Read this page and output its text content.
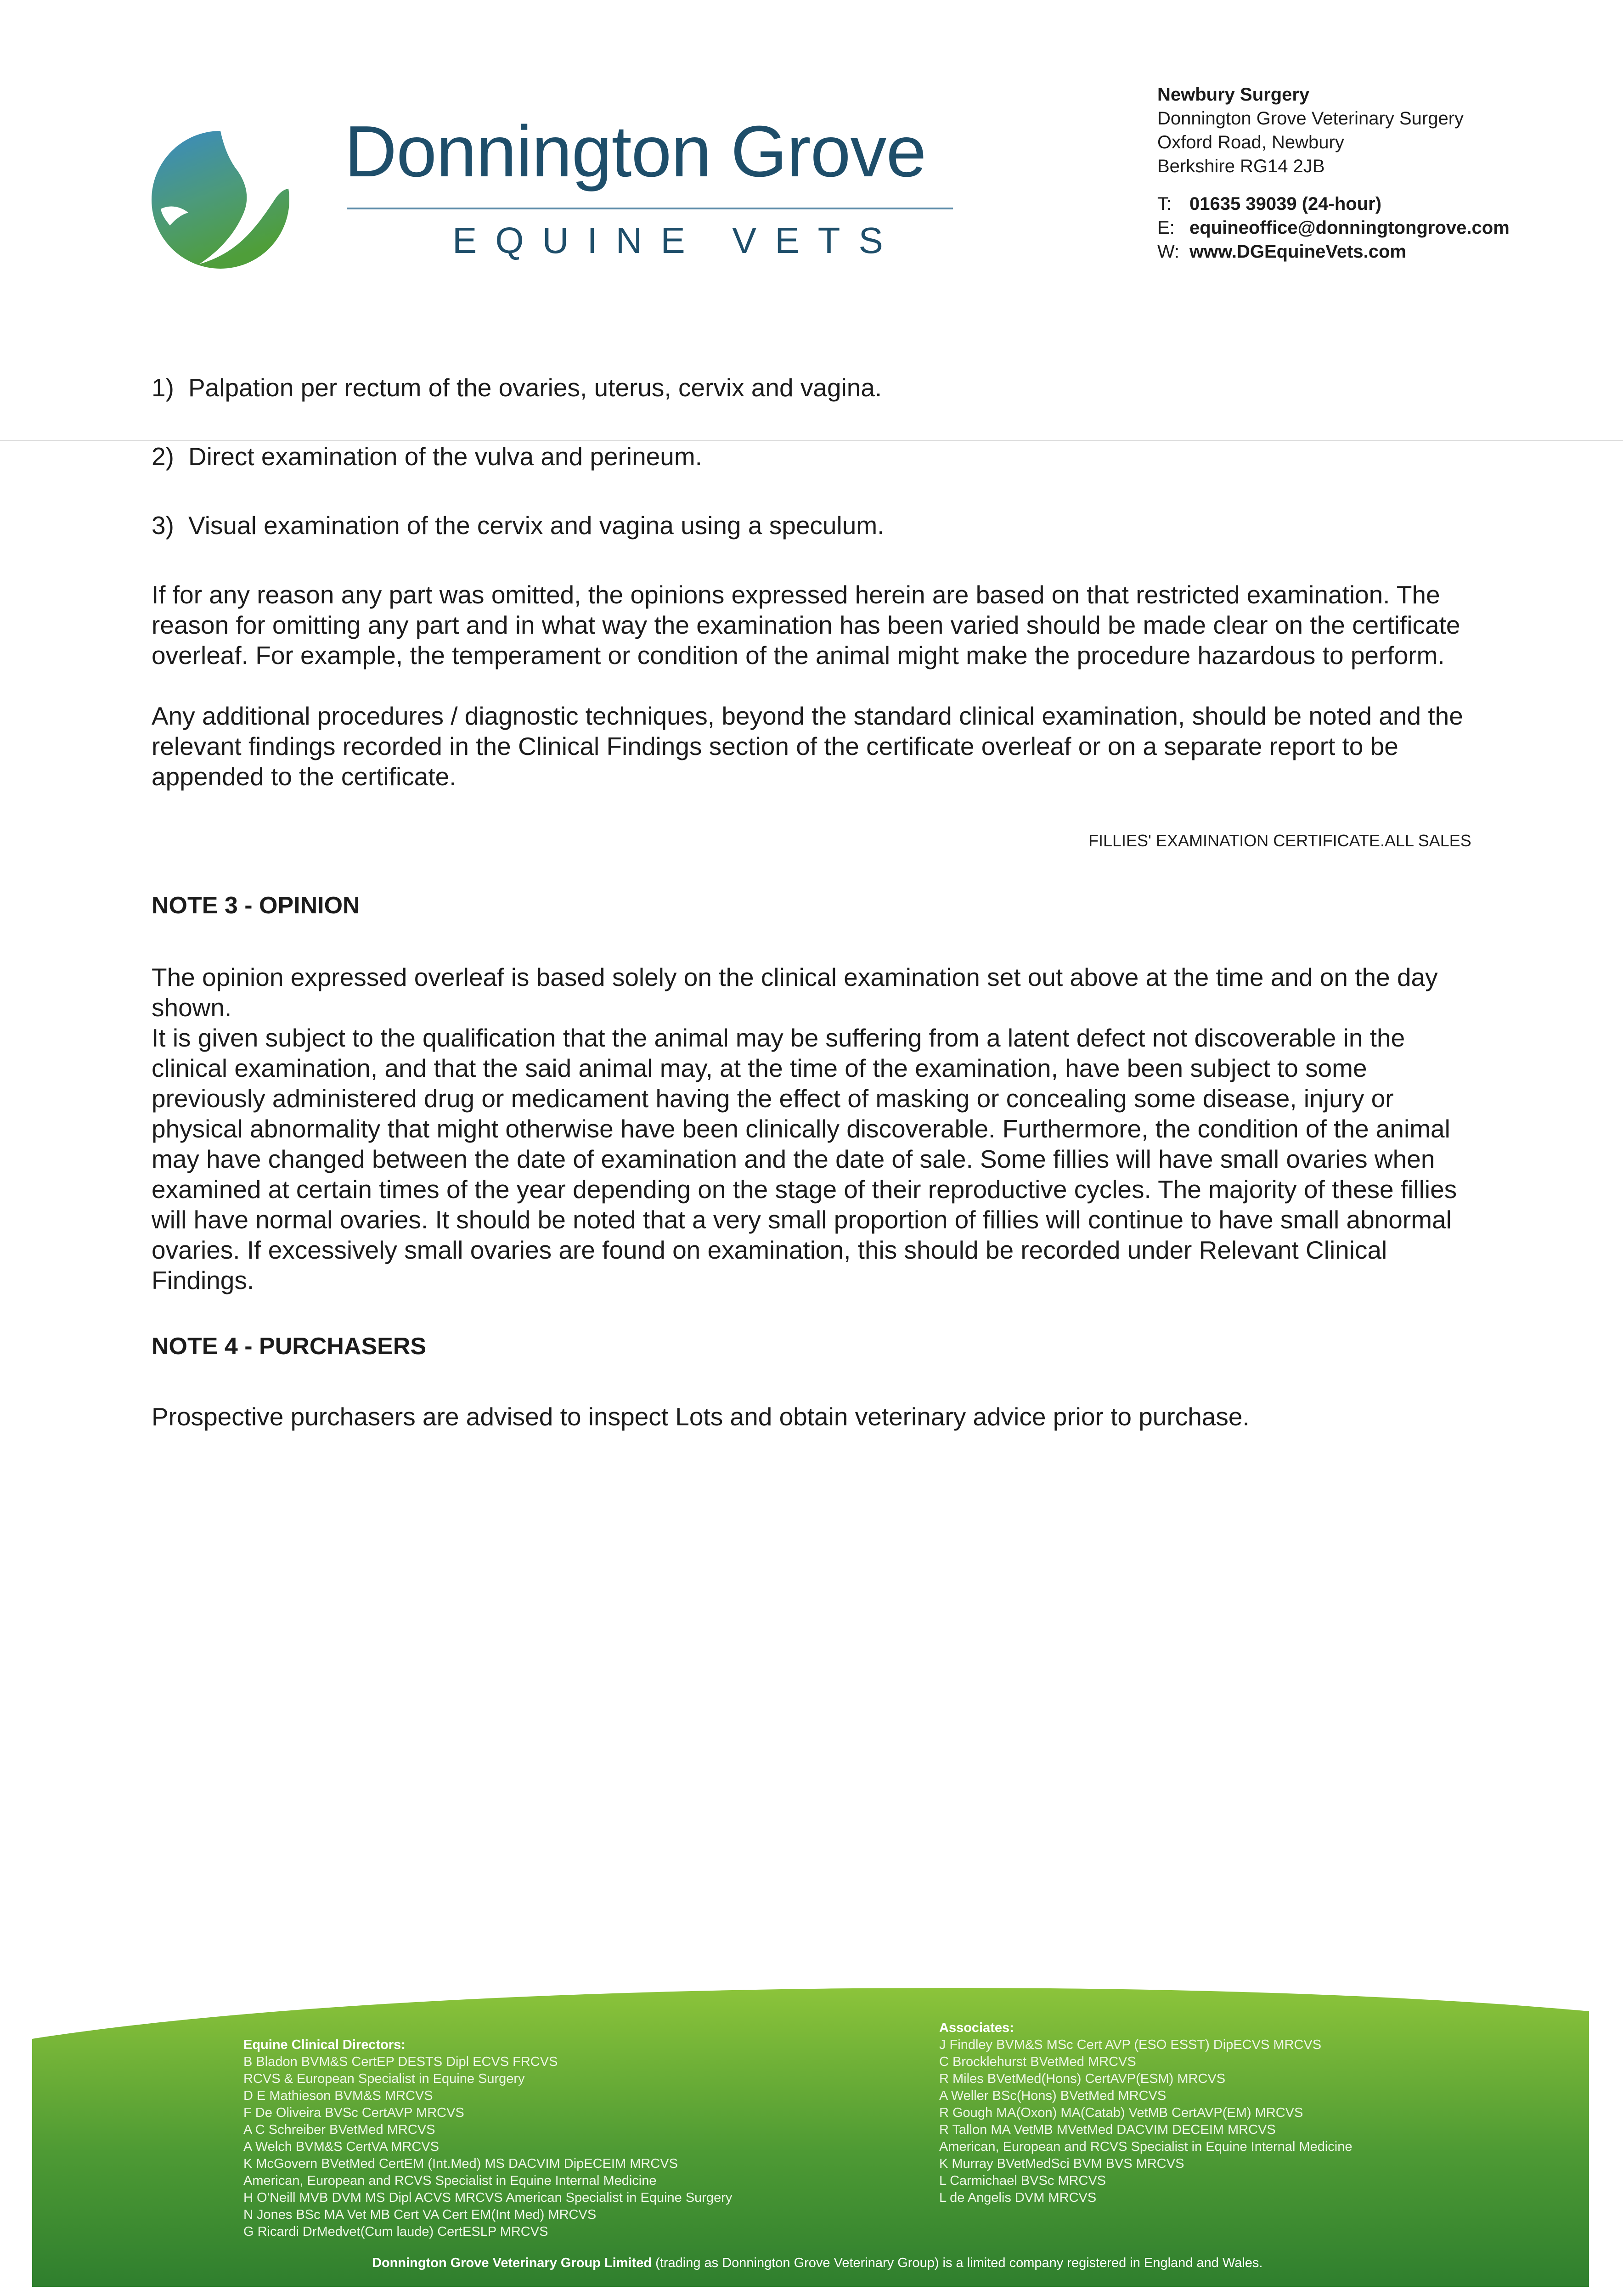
Donnington Grove
EQUINE VETS
Newbury Surgery
Donnington Grove Veterinary Surgery
Oxford Road, Newbury
Berkshire RG14 2JB
T: 01635 39039 (24-hour)
E: equineoffice@donningtongrove.com
W: www.DGEquineVets.com
1) Palpation per rectum of the ovaries, uterus, cervix and vagina.
2) Direct examination of the vulva and perineum.
3) Visual examination of the cervix and vagina using a speculum.

If for any reason any part was omitted, the opinions expressed herein are based on that restricted examination. The reason for omitting any part and in what way the examination has been varied should be made clear on the certificate overleaf. For example, the temperament or condition of the animal might make the procedure hazardous to perform.

Any additional procedures / diagnostic techniques, beyond the standard clinical examination, should be noted and the relevant findings recorded in the Clinical Findings section of the certificate overleaf or on a separate report to be appended to the certificate.

FILLIES' EXAMINATION CERTIFICATE.ALL SALES
NOTE 3 - OPINION

The opinion expressed overleaf is based solely on the clinical examination set out above at the time and on the day shown.

It is given subject to the qualification that the animal may be suffering from a latent defect not discoverable in the clinical examination, and that the said animal may, at the time of the examination, have been subject to some previously administered drug or medicament having the effect of masking or concealing some disease, injury or physical abnormality that might otherwise have been clinically discoverable. Furthermore, the condition of the animal may have changed between the date of examination and the date of sale. Some fillies will have small ovaries when examined at certain times of the year depending on the stage of their reproductive cycles. The majority of these fillies will have normal ovaries. It should be noted that a very small proportion of fillies will continue to have small abnormal ovaries. If excessively small ovaries are found on examination, this should be recorded under Relevant Clinical Findings.

NOTE 4 - PURCHASERS

Prospective purchasers are advised to inspect Lots and obtain veterinary advice prior to purchase.

Equine Clinical Directors:
B Bladon BVM&S CertEP DESTS Dipl ECVS FRCVS
RCVS & European Specialist in Equine Surgery
D E Mathieson BVM&S MRCVS
F De Oliveira BVSc CertAVP MRCVS
A C Schreiber BVetMed MRCVS
A Welch BVM&S CertVA MRCVS
K McGovern BVetMed CertEM (Int.Med) MS DACVIM DipECEIM MRCVS
American, European and RCVS Specialist in Equine Internal Medicine
H O'Neill MVB DVM MS Dipl ACVS MRCVS American Specialist in Equine Surgery
N Jones BSc MA Vet MB Cert VA Cert EM(Int Med) MRCVS
G Ricardi DrMedvet(Cum laude) CertESLP MRCVS
Associates:
J Findley BVM&S MSc Cert AVP (ESO ESST) DipECVS MRCVS
C Brocklehurst BVetMed MRCVS
R Miles BVetMed(Hons) CertAVP(ESM) MRCVS
A Weller BSc(Hons) BVetMed MRCVS
R Gough MA(Oxon) MA(Catab) VetMB CertAVP(EM) MRCVS
R Tallon MA VetMB MVetMed DACVIM DECEIM MRCVS
American, European and RCVS Specialist in Equine Internal Medicine
K Murray BVetMedSci BVM BVS MRCVS
L Carmichael BVSc MRCVS
L de Angelis DVM MRCVS
Donnington Grove Veterinary Group Limited (trading as Donnington Grove Veterinary Group) is a limited company registered in England and Wales.
